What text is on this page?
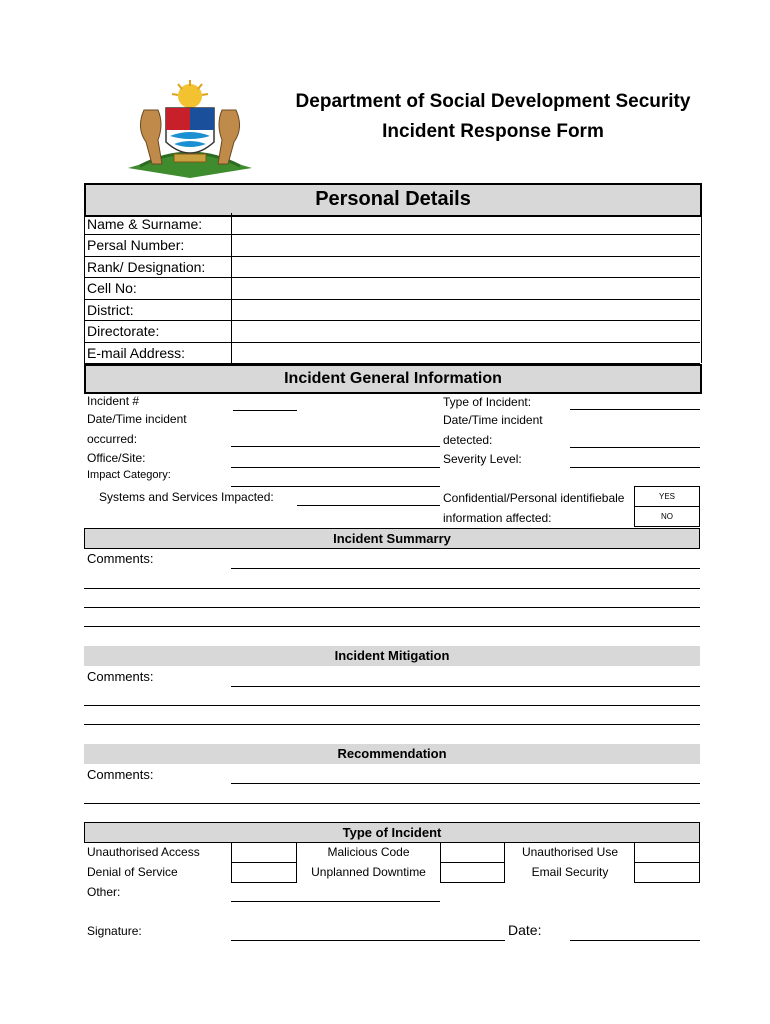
Department of Social Development Security
Incident Response Form
Personal Details
Name & Surname:
Persal Number:
Rank/ Designation:
Cell No:
District:
Directorate:
E-mail Address:
Incident General Information
Incident #
Date/Time incident
occurred:
Office/Site:
Impact Category:
Systems and Services Impacted:
Type of Incident:
Date/Time incident
detected:
Severity Level:
Confidential/Personal identifiebale
information affected:
YES
NO
Incident Summarry
Comments:
Incident Mitigation
Comments:
Recommendation
Comments:
Type of Incident
Unauthorised Access	Malicious Code	Unauthorised Use
Denial of Service	Unplanned Downtime	Email Security
Other:
Signature:	Date:
